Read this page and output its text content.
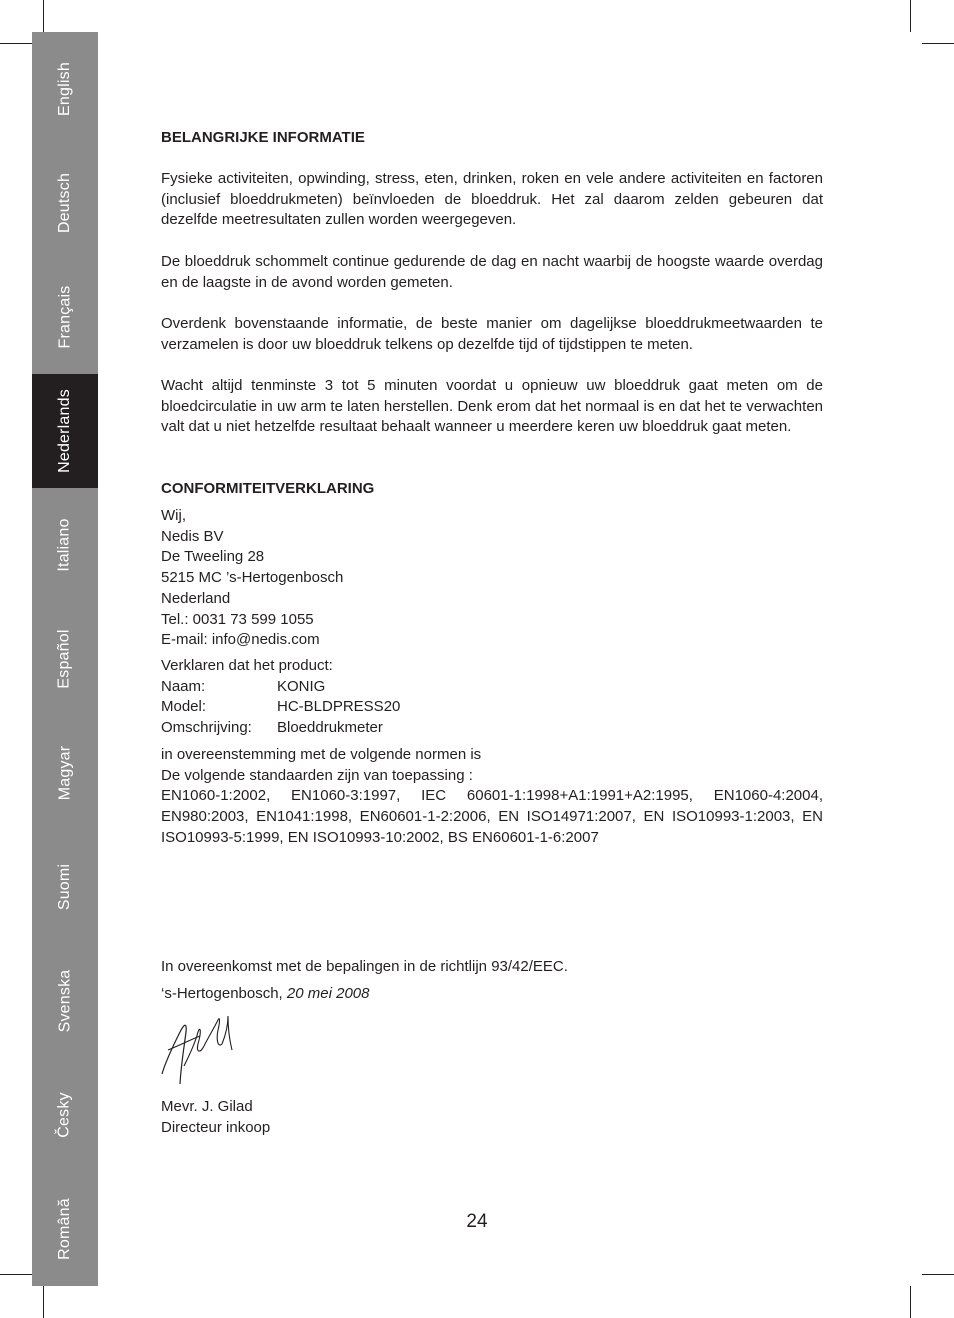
English
Deutsch
Français
Nederlands
Italiano
Español
Magyar
Suomi
Svenska
Česky
Română
BELANGRIJKE INFORMATIE

Fysieke activiteiten, opwinding, stress, eten, drinken, roken en vele andere activiteiten en factoren (inclusief bloeddrukmeten) beïnvloeden de bloeddruk. Het zal daarom zelden gebeuren dat dezelfde meetresultaten zullen worden weergegeven.

De bloeddruk schommelt continue gedurende de dag en nacht waarbij de hoogste waarde overdag en de laagste in de avond worden gemeten.

Overdenk bovenstaande informatie, de beste manier om dagelijkse bloeddrukmeetwaarden te verzamelen is door uw bloeddruk telkens op dezelfde tijd of tijdstippen te meten.

Wacht altijd tenminste 3 tot 5 minuten voordat u opnieuw uw bloeddruk gaat meten om de bloedcirculatie in uw arm te laten herstellen. Denk erom dat het normaal is en dat het te verwachten valt dat u niet hetzelfde resultaat behaalt wanneer u meerdere keren uw bloeddruk gaat meten.

CONFORMITEITVERKLARING
Wij,
Nedis BV
De Tweeling 28
5215 MC ’s-Hertogenbosch
Nederland
Tel.: 0031 73 599 1055
E-mail: info@nedis.com
Verklaren dat het product:
Naam:	KONIG
Model:	HC-BLDPRESS20
Omschrijving:	Bloeddrukmeter
in overeenstemming met de volgende normen is
De volgende standaarden zijn van toepassing :
EN1060-1:2002, EN1060-3:1997, IEC 60601-1:1998+A1:1991+A2:1995, EN1060-4:2004, EN980:2003, EN1041:1998, EN60601-1-2:2006, EN ISO14971:2007, EN ISO10993-1:2003, EN ISO10993-5:1999, EN ISO10993-10:2002, BS EN60601-1-6:2007
In overeenkomst met de bepalingen in de richtlijn 93/42/EEC.
‘s-Hertogenbosch, 20 mei 2008
Mevr. J. Gilad
Directeur inkoop
24
